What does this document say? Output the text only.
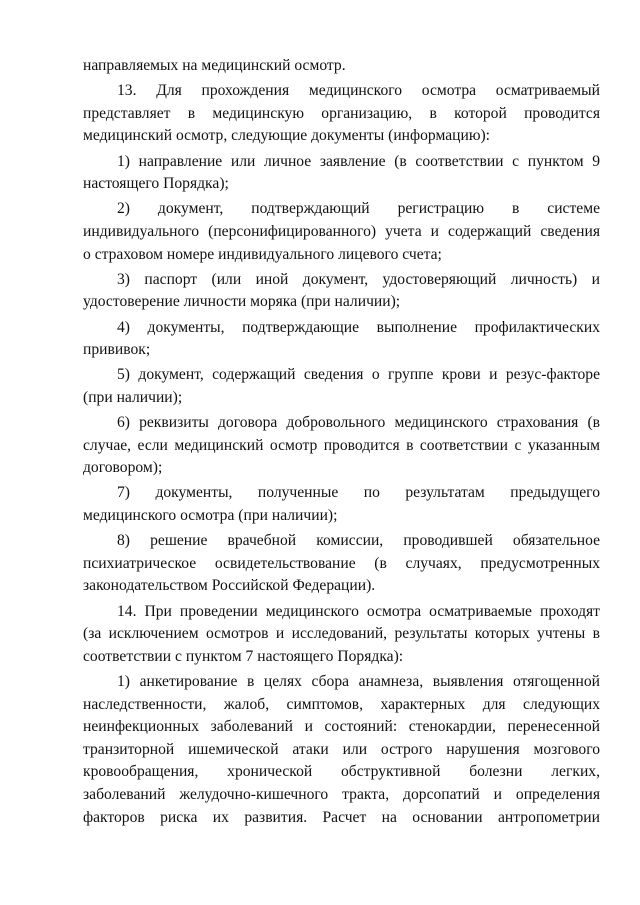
направляемых на медицинский осмотр.
13. Для прохождения медицинского осмотра осматриваемый
представляет в медицинскую организацию, в которой проводится
медицинский осмотр, следующие документы (информацию):
1) направление или личное заявление (в соответствии с пунктом 9
настоящего Порядка);
2) документ, подтверждающий регистрацию в системе
индивидуального (персонифицированного) учета и содержащий сведения
о страховом номере индивидуального лицевого счета;
3) паспорт (или иной документ, удостоверяющий личность) и
удостоверение личности моряка (при наличии);
4) документы, подтверждающие выполнение профилактических
прививок;
5) документ, содержащий сведения о группе крови и резус-факторе
(при наличии);
6) реквизиты договора добровольного медицинского страхования (в
случае, если медицинский осмотр проводится в соответствии с указанным
договором);
7) документы, полученные по результатам предыдущего
медицинского осмотра (при наличии);
8) решение врачебной комиссии, проводившей обязательное
психиатрическое освидетельствование (в случаях, предусмотренных
законодательством Российской Федерации).
14. При проведении медицинского осмотра осматриваемые проходят
(за исключением осмотров и исследований, результаты которых учтены в
соответствии с пунктом 7 настоящего Порядка):
1) анкетирование в целях сбора анамнеза, выявления отягощенной
наследственности, жалоб, симптомов, характерных для следующих
неинфекционных заболеваний и состояний: стенокардии, перенесенной
транзиторной ишемической атаки или острого нарушения мозгового
кровообращения, хронической обструктивной болезни легких,
заболеваний желудочно-кишечного тракта, дорсопатий и определения
факторов риска их развития. Расчет на основании антропометрии
